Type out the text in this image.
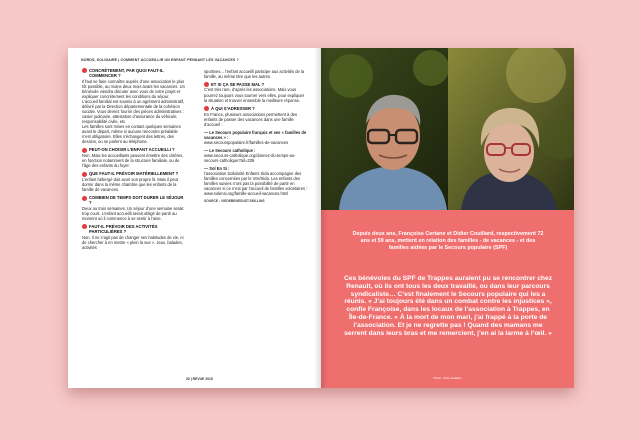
NORDS, SOLIDAIRE | COMMENT ACCUEILLIR UN ENFANT PENDANT LES VACANCES ?
CONCRÈTEMENT, PAR QUOI FAUT-IL COMMENCER ?

Il faut se faire connaître auprès d’une association le plus tôt possible, au moins deux mois avant les vacances. Un bénévole viendra discuter avec vous de votre projet et expliquer concrètement les conditions du séjour. L’accueil familial est soumis à un agrément administratif, délivré par la Direction départementale de la cohésion sociale. Vous devrez fournir des pièces administratives : casier judiciaire, attestation d’assurance du véhicule, responsabilité civile, etc.

Les familles sont mises en contact quelques semaines avant le départ, même si aucune rencontre préalable n’est obligatoire. Elles s’échangent des lettres, des dessins, ou se parlent au téléphone.

PEUT-ON CHOISIR L’ENFANT ACCUEILLI ?

Non. Mais les accueillants peuvent émettre des critères, en fonction notamment de la structure familiale, ou de l’âge des enfants du foyer.

QUE FAUT-IL PRÉVOIR MATÉRIELLEMENT ?

L’enfant hébergé doit avoir son propre lit. Mais il peut dormir dans la même chambre que les enfants de la famille de vacances.

COMBIEN DE TEMPS DOIT DURER LE SÉJOUR ?

Deux ou trois semaines. Un séjour d’une semaine serait trop court. L’enfant accueilli serait obligé de partir au moment où il commence à se sentir à l’aise.

FAUT-IL PRÉVOIR DES ACTIVITÉS PARTICULIÈRES ?

Non. Il ne s’agit pas de changer ses habitudes de vie, ni de chercher à en mettre « plein la vue ». Jeux, balades, activités

sportives... l’enfant accueilli participe aux activités de la famille, au même titre que les autres.

ET SI ÇA SE PASSE MAL ?

C’est très rare, d’après les associations. Mais vous pourrez toujours vous tourner vers elles, pour expliquer la situation et trouver ensemble la meilleure réponse.

À QUI S’ADRESSER ?

En France, plusieurs associations permettent à des enfants de passer des vacances dans une famille d’accueil :

— Le Secours populaire français et ses « familles de vacances » :

www.secourspopulaire.fr/familles-de-vacances

— Le Secours catholique :

www.secours-catholique.org/donnez-du-temps-au-secours-catholique?tid=339

— Sol En Si :

l’association Solidarité Enfants Sida accompagne des familles concernées par le VIH/Sida. Les enfants des familles suivies n’ont pas la possibilité de partir en vacances si ce n’est par l’accueil de familles volontaires : www.solensi.org/famille-accueil-vacances.html

SOURCE : VIEDEBENEDUST.SKILLINS
20 | REVUE 2015
Depuis deux ans, Françoise Certane et Didier Couillard, respectivement 72 ans et 59 ans, mettent en relation des familles - de vacances - et des familles aidées par le Secours populaire (SPF)
Ces bénévoles du SPF de Trappes auraient pu se rencontrer chez Renault, où ils ont tous les deux travaillé, ou dans leur parcours syndicaliste… C’est finalement le Secours populaire qui les a réunis. « J’ai toujours été dans un combat contre les injustices », confie Françoise, dans les locaux de l’association à Trappes, en Île-de-France. « À la mort de mon mari, j’ai frappé à la porte de l’association. Et je ne regrette pas ! Quand des mamans me serrent dans leurs bras et me remercient, j’en ai la larme à l’œil. »
Photo : Flora Guillarin
